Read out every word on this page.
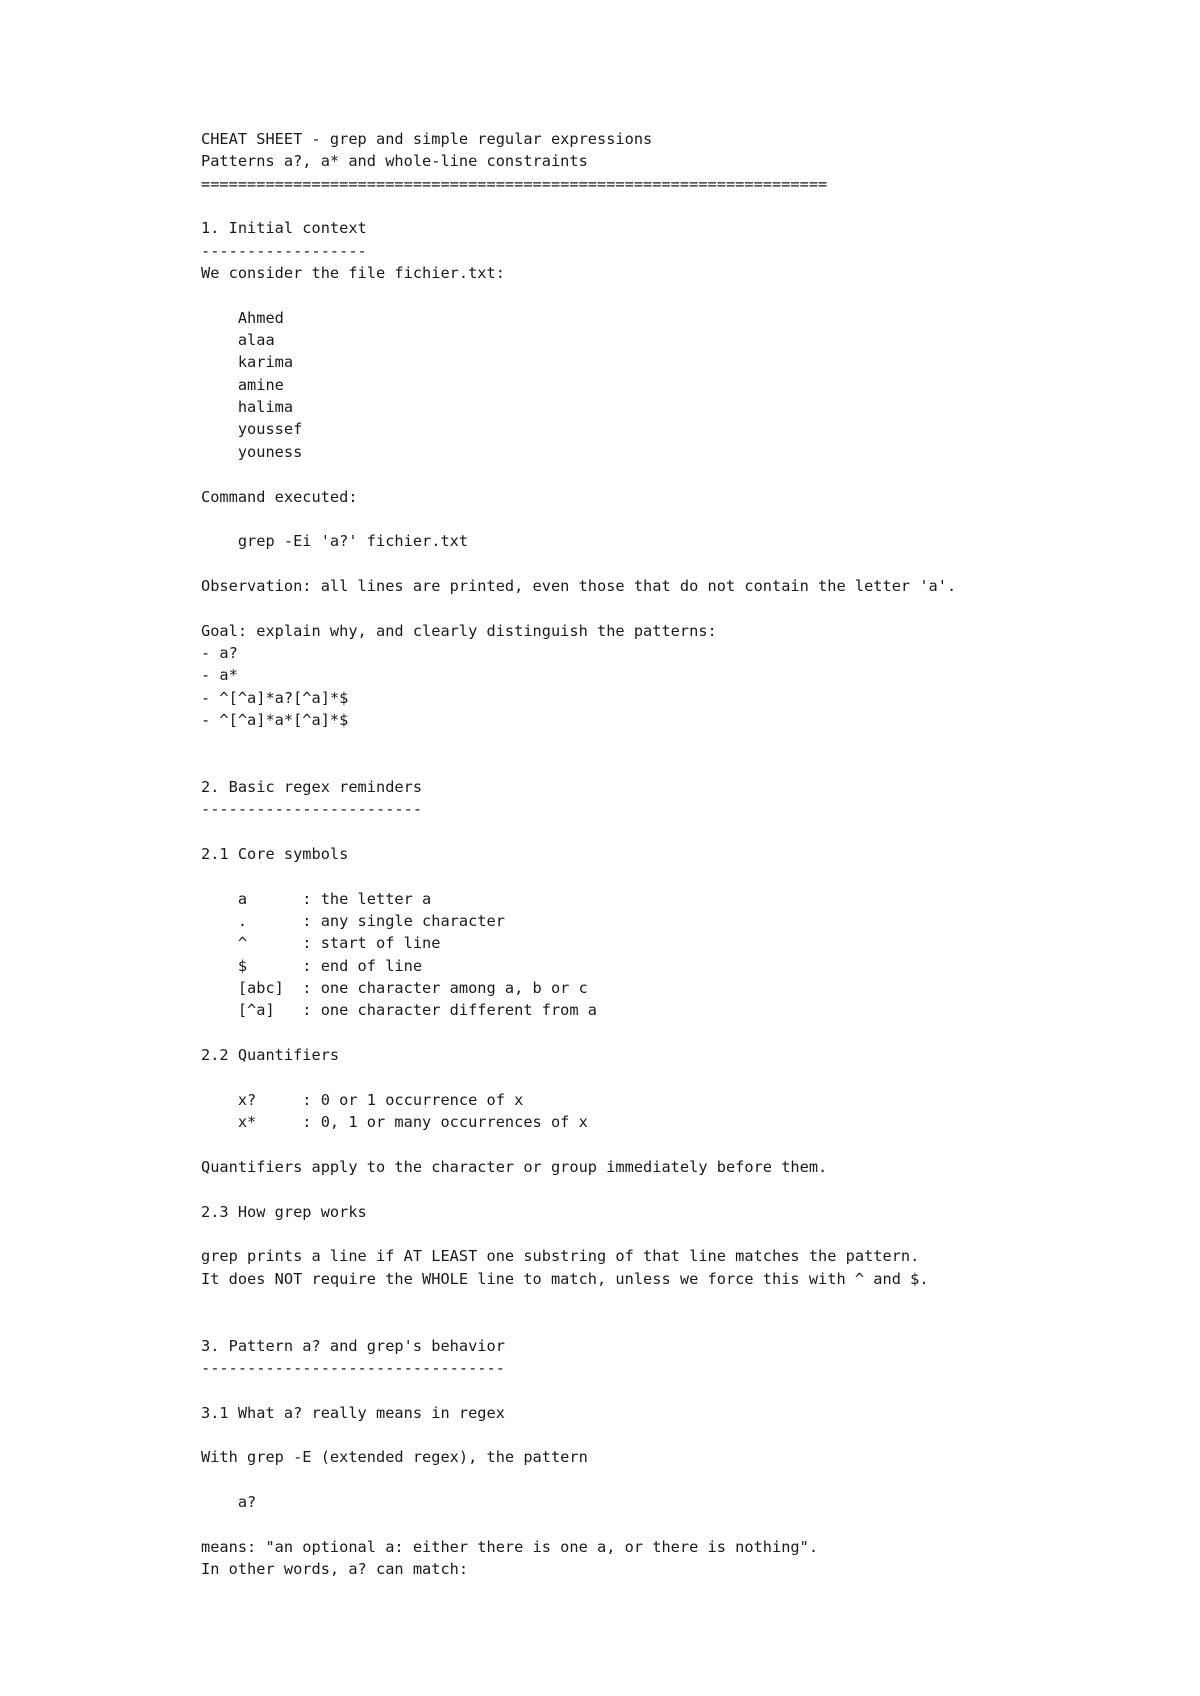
CHEAT SHEET - grep and simple regular expressions
Patterns a?, a* and whole-line constraints
====================================================================
1. Initial context
------------------
We consider the file fichier.txt:
Ahmed
alaa
karima
amine
halima
youssef
youness
Command executed:
grep -Ei 'a?' fichier.txt
Observation: all lines are printed, even those that do not contain the letter 'a'.
Goal: explain why, and clearly distinguish the patterns:
- a?
- a*
- ^[^a]*a?[^a]*$
- ^[^a]*a*[^a]*$
2. Basic regex reminders
------------------------
2.1 Core symbols
a      : the letter a
.      : any single character
^      : start of line
$      : end of line
[abc]  : one character among a, b or c
[^a]   : one character different from a
2.2 Quantifiers
x?     : 0 or 1 occurrence of x
x*     : 0, 1 or many occurrences of x
Quantifiers apply to the character or group immediately before them.
2.3 How grep works
grep prints a line if AT LEAST one substring of that line matches the pattern.
It does NOT require the WHOLE line to match, unless we force this with ^ and $.
3. Pattern a? and grep's behavior
---------------------------------
3.1 What a? really means in regex
With grep -E (extended regex), the pattern
a?
means: "an optional a: either there is one a, or there is nothing".
In other words, a? can match:
